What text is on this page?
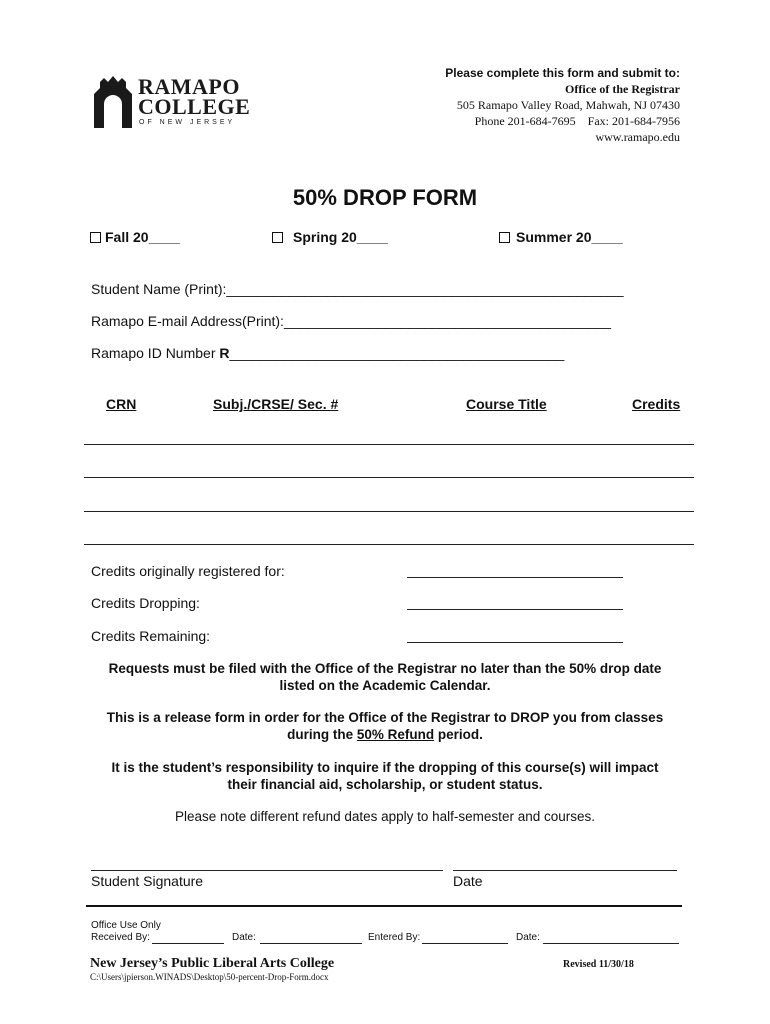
RAMAPO
COLLEGE
OF NEW JERSEY
Please complete this form and submit to:
Office of the Registrar
505 Ramapo Valley Road, Mahwah, NJ 07430
Phone 201-684-7695    Fax: 201-684-7956
www.ramapo.edu
50% DROP FORM
Fall 20____	Spring 20____	Summer 20____
Student Name (Print):___________________________________________________
Ramapo E-mail Address(Print):__________________________________________
Ramapo ID Number R___________________________________________
CRN	Subj./CRSE/ Sec. #	Course Title	Credits
Credits originally registered for:
Credits Dropping:
Credits Remaining:
Requests must be filed with the Office of the Registrar no later than the 50% drop date
listed on the Academic Calendar.
This is a release form in order for the Office of the Registrar to DROP you from classes
during the 50% Refund period.
It is the student’s responsibility to inquire if the dropping of this course(s) will impact
their financial aid, scholarship, or student status.
Please note different refund dates apply to half-semester and courses.
Student Signature	Date
Office Use Only
Received By:	Date:	Entered By:	Date:
New Jersey’s Public Liberal Arts College	Revised 11/30/18
C:\Users\jpierson.WINADS\Desktop\50-percent-Drop-Form.docx
